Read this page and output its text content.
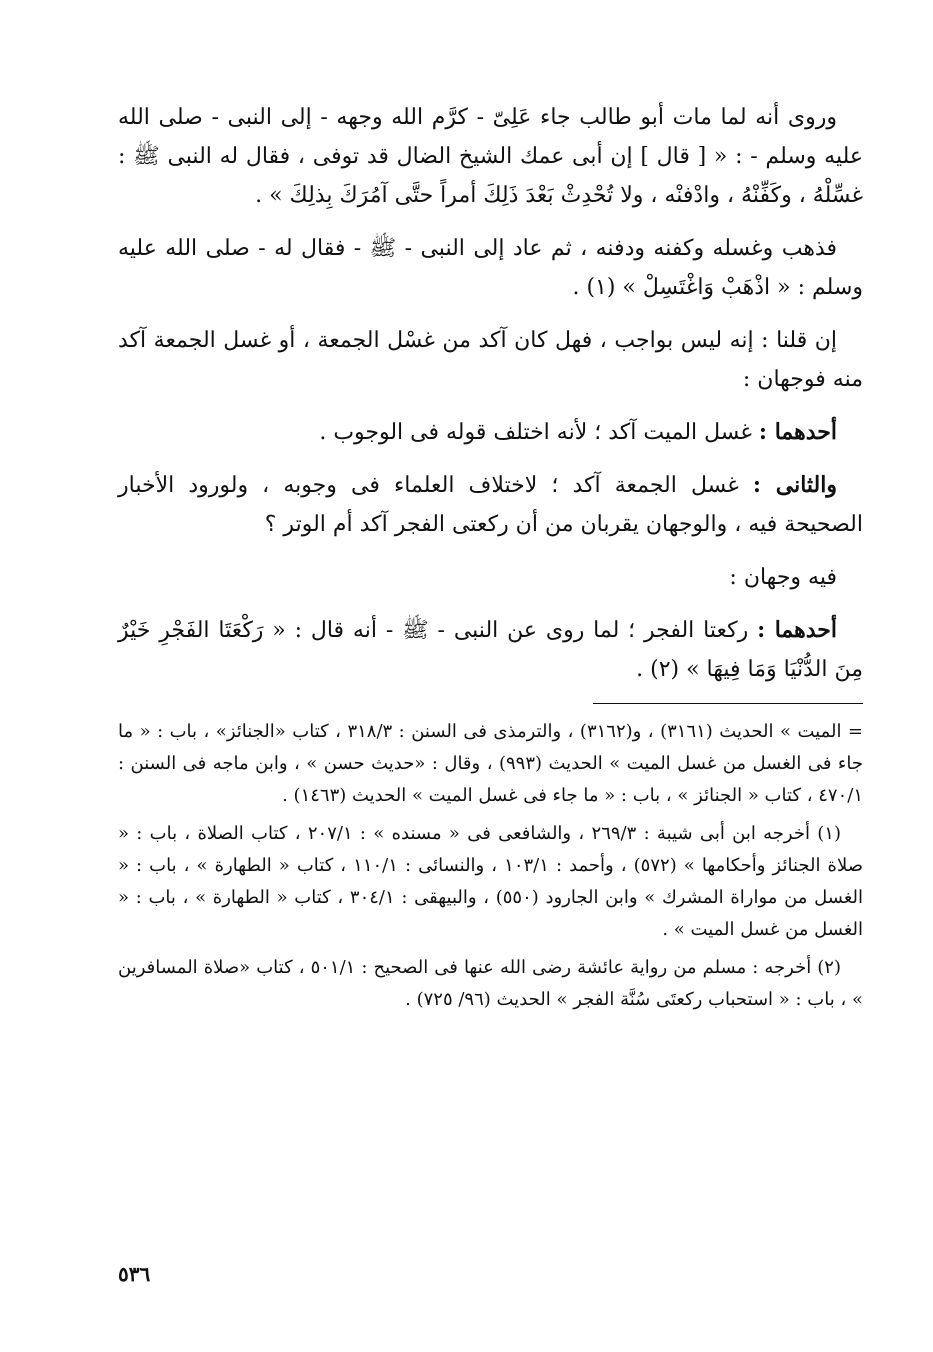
وروى أنه لما مات أبو طالب جاء عَلِىّ - كرَّم الله وجهه - إلى النبى - صلى الله عليه وسلم - : « [ قال ] إن أبى عمك الشيخ الضال قد توفى ، فقال له النبى ﷺ : غسِّلْهُ ، وكَفِّنْهُ ، وادْفنْه ، ولا تُحْدِثْ بَعْدَ ذَلِكَ أمراً حتَّى آمُرَكَ بِذلِكَ » .

فذهب وغسله وكفنه ودفنه ، ثم عاد إلى النبى - ﷺ - فقال له - صلى الله عليه وسلم : « اذْهَبْ وَاغْتَسِلْ » (١) .

إن قلنا : إنه ليس بواجب ، فهل كان آكد من غسْل الجمعة ، أو غسل الجمعة آكد منه فوجهان :

أحدهما : غسل الميت آكد ؛ لأنه اختلف قوله فى الوجوب .

والثانى : غسل الجمعة آكد ؛ لاختلاف العلماء فى وجوبه ، ولورود الأخبار الصحيحة فيه ، والوجهان يقربان من أن ركعتى الفجر آكد أم الوتر ؟

فيه وجهان :

أحدهما : ركعتا الفجر ؛ لما روى عن النبى - ﷺ - أنه قال : « رَكْعَتَا الفَجْرِ خَيْرٌ مِنَ الدُّنْيَا وَمَا فِيهَا » (٢) .

= الميت » الحديث (٣١٦١) ، و(٣١٦٢) ، والترمذى فى السنن : ٣١٨/٣ ، كتاب «الجنائز» ، باب : « ما جاء فى الغسل من غسل الميت » الحديث (٩٩٣) ، وقال : «حديث حسن » ، وابن ماجه فى السنن : ٤٧٠/١ ، كتاب « الجنائز » ، باب : « ما جاء فى غسل الميت » الحديث (١٤٦٣) .

(١) أخرجه ابن أبى شيبة : ٢٦٩/٣ ، والشافعى فى « مسنده » : ٢٠٧/١ ، كتاب الصلاة ، باب : « صلاة الجنائز وأحكامها » (٥٧٢) ، وأحمد : ١٠٣/١ ، والنسائى : ١١٠/١ ، كتاب « الطهارة » ، باب : « الغسل من مواراة المشرك » وابن الجارود (٥٥٠) ، والبيهقى : ٣٠٤/١ ، كتاب « الطهارة » ، باب : « الغسل من غسل الميت » .

(٢) أخرجه : مسلم من رواية عائشة رضى الله عنها فى الصحيح : ٥٠١/١ ، كتاب «صلاة المسافرين » ، باب : « استحباب ركعتَى سُنَّة الفجر » الحديث (٩٦/ ٧٢٥) .

٥٣٦
